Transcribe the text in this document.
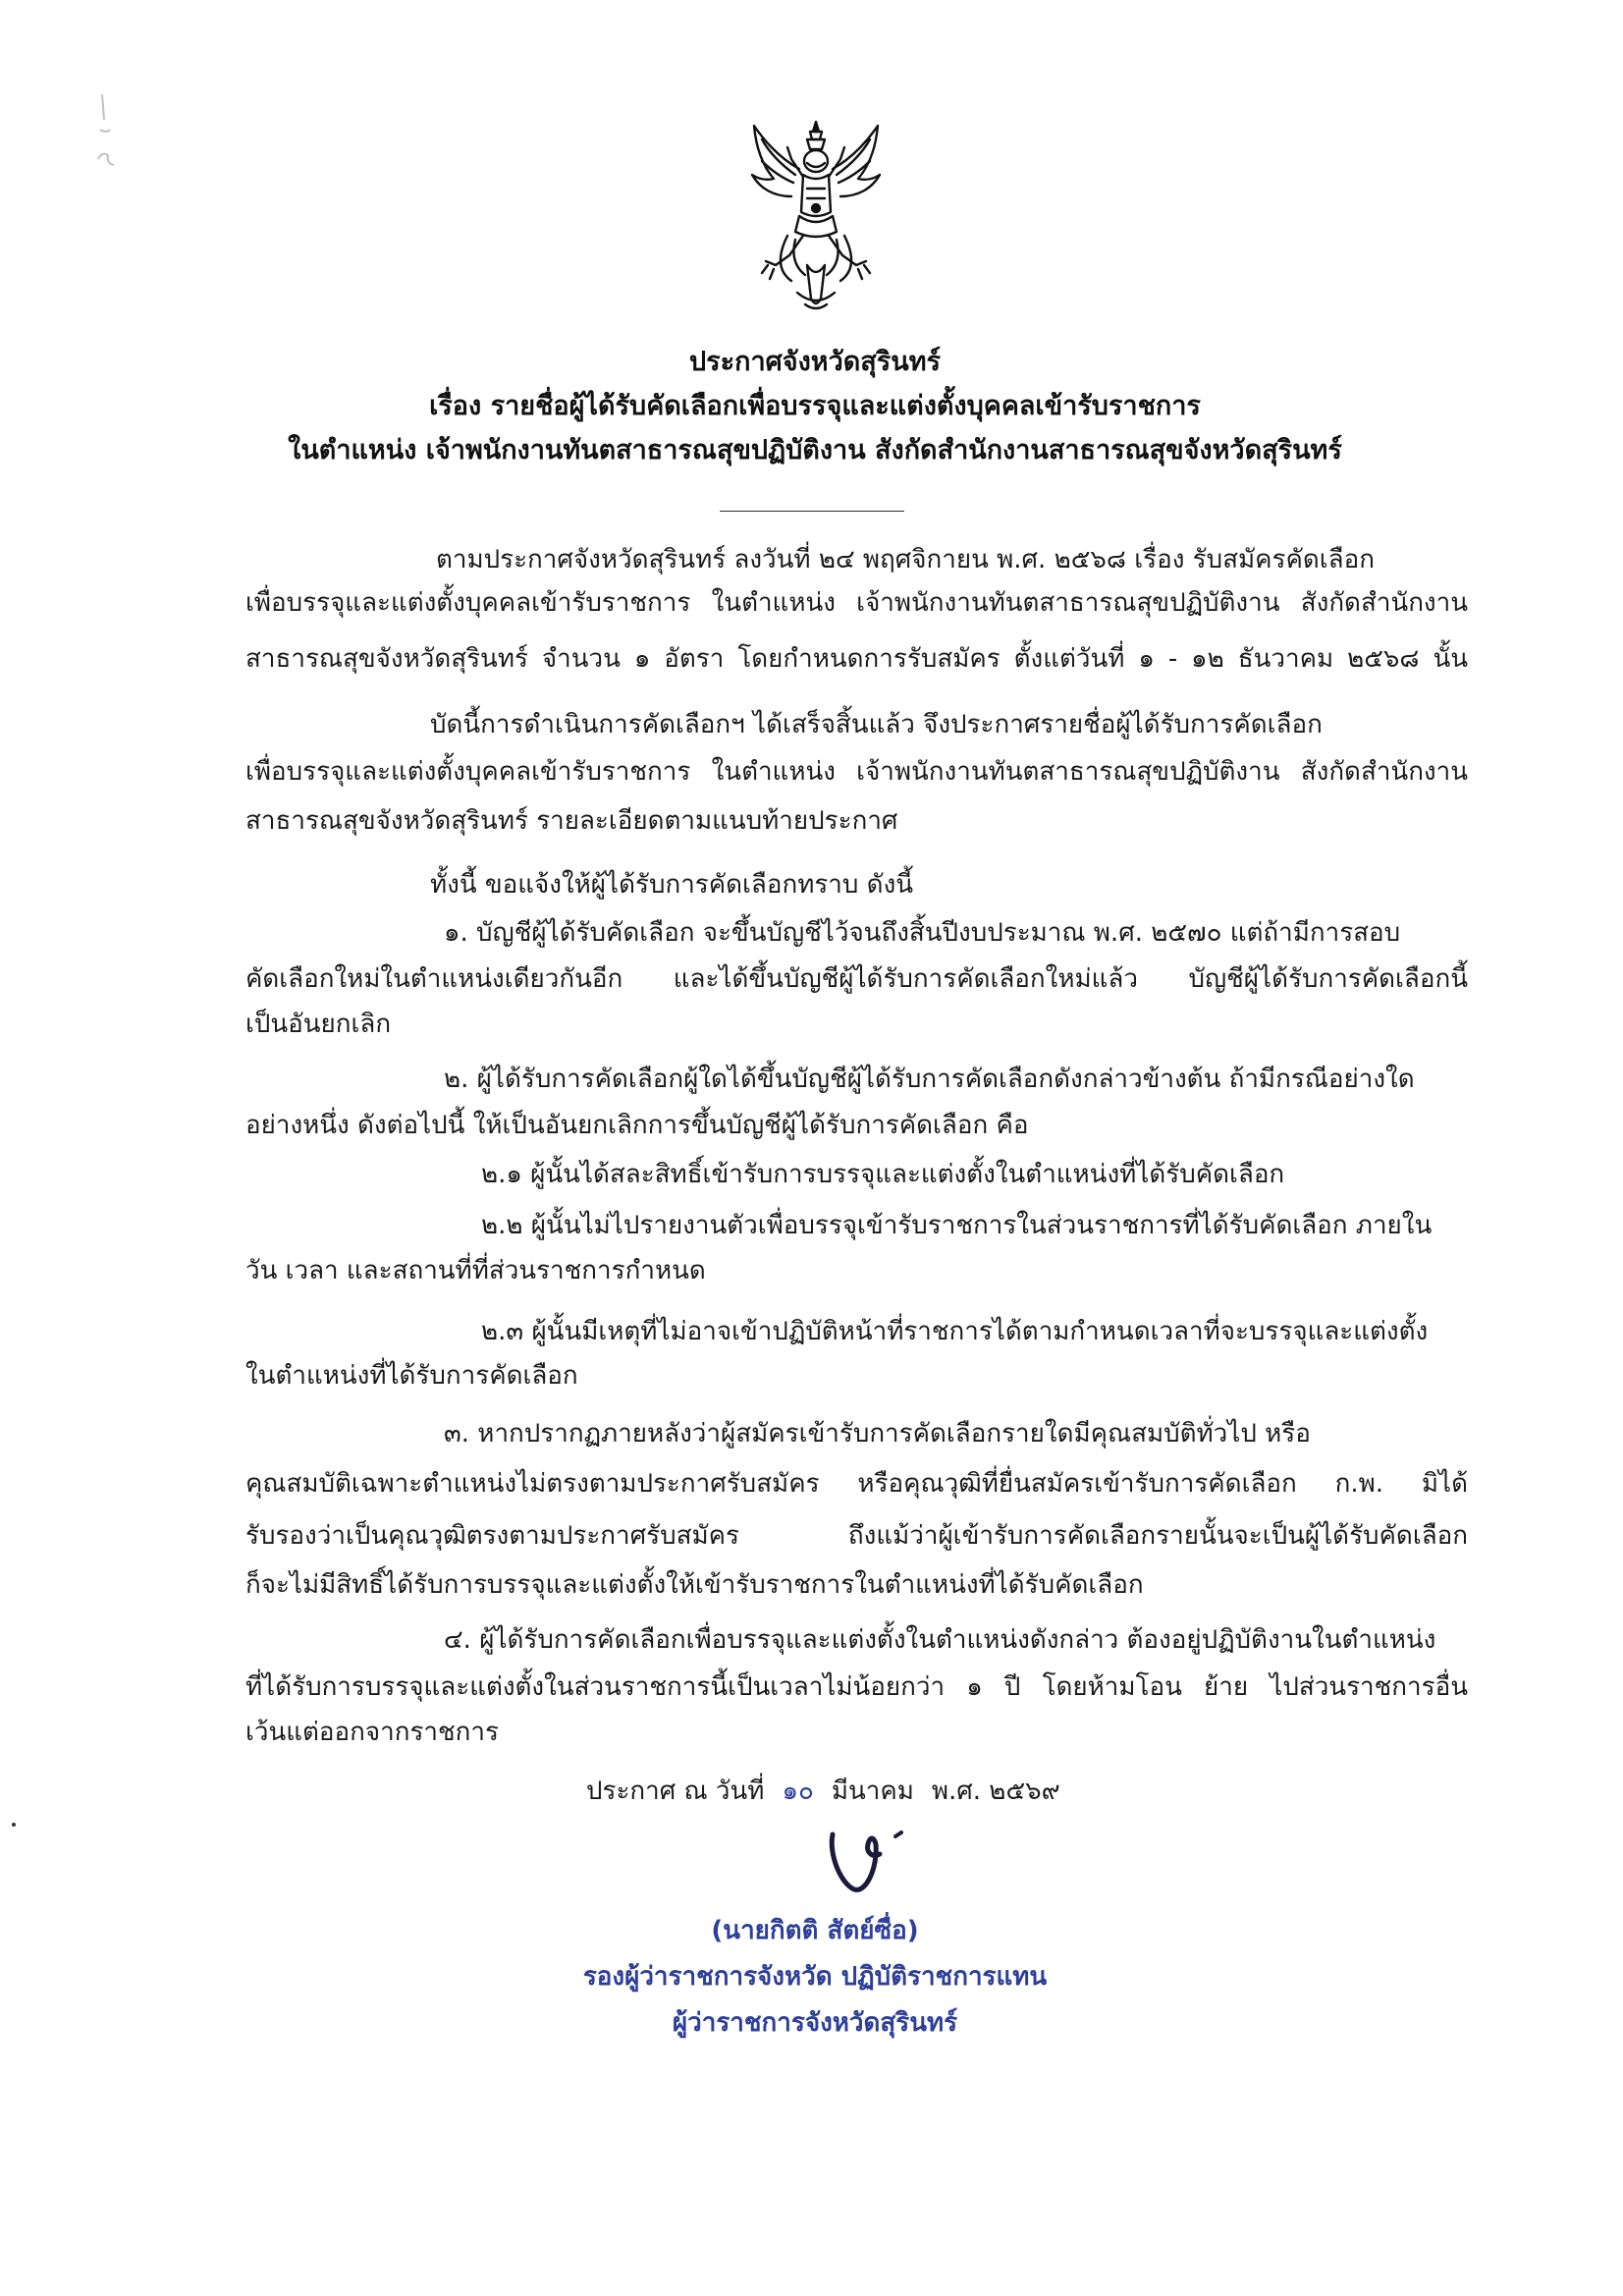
ประกาศจังหวัดสุรินทร์
เรื่อง รายชื่อผู้ได้รับคัดเลือกเพื่อบรรจุและแต่งตั้งบุคคลเข้ารับราชการ
ในตำแหน่ง เจ้าพนักงานทันตสาธารณสุขปฏิบัติงาน สังกัดสำนักงานสาธารณสุขจังหวัดสุรินทร์
ตามประกาศจังหวัดสุรินทร์ ลงวันที่ ๒๔ พฤศจิกายน พ.ศ. ๒๕๖๘ เรื่อง รับสมัครคัดเลือก
เพื่อบรรจุและแต่งตั้งบุคคลเข้ารับราชการ ในตำแหน่ง เจ้าพนักงานทันตสาธารณสุขปฏิบัติงาน สังกัดสำนักงาน
สาธารณสุขจังหวัดสุรินทร์ จำนวน ๑ อัตรา โดยกำหนดการรับสมัคร ตั้งแต่วันที่ ๑ - ๑๒ ธันวาคม ๒๕๖๘ นั้น
บัดนี้การดำเนินการคัดเลือกฯ ได้เสร็จสิ้นแล้ว จึงประกาศรายชื่อผู้ได้รับการคัดเลือก
เพื่อบรรจุและแต่งตั้งบุคคลเข้ารับราชการ ในตำแหน่ง เจ้าพนักงานทันตสาธารณสุขปฏิบัติงาน สังกัดสำนักงาน
สาธารณสุขจังหวัดสุรินทร์ รายละเอียดตามแนบท้ายประกาศ
ทั้งนี้ ขอแจ้งให้ผู้ได้รับการคัดเลือกทราบ ดังนี้
๑. บัญชีผู้ได้รับคัดเลือก จะขึ้นบัญชีไว้จนถึงสิ้นปีงบประมาณ พ.ศ. ๒๕๗๐ แต่ถ้ามีการสอบ
คัดเลือกใหม่ในตำแหน่งเดียวกันอีก และได้ขึ้นบัญชีผู้ได้รับการคัดเลือกใหม่แล้ว บัญชีผู้ได้รับการคัดเลือกนี้
เป็นอันยกเลิก
๒. ผู้ได้รับการคัดเลือกผู้ใดได้ขึ้นบัญชีผู้ได้รับการคัดเลือกดังกล่าวข้างต้น ถ้ามีกรณีอย่างใด
อย่างหนึ่ง ดังต่อไปนี้ ให้เป็นอันยกเลิกการขึ้นบัญชีผู้ได้รับการคัดเลือก คือ
๒.๑ ผู้นั้นได้สละสิทธิ์เข้ารับการบรรจุและแต่งตั้งในตำแหน่งที่ได้รับคัดเลือก
๒.๒ ผู้นั้นไม่ไปรายงานตัวเพื่อบรรจุเข้ารับราชการในส่วนราชการที่ได้รับคัดเลือก ภายใน
วัน เวลา และสถานที่ที่ส่วนราชการกำหนด
๒.๓ ผู้นั้นมีเหตุที่ไม่อาจเข้าปฏิบัติหน้าที่ราชการได้ตามกำหนดเวลาที่จะบรรจุและแต่งตั้ง
ในตำแหน่งที่ได้รับการคัดเลือก
๓. หากปรากฏภายหลังว่าผู้สมัครเข้ารับการคัดเลือกรายใดมีคุณสมบัติทั่วไป หรือ
คุณสมบัติเฉพาะตำแหน่งไม่ตรงตามประกาศรับสมัคร หรือคุณวุฒิที่ยื่นสมัครเข้ารับการคัดเลือก ก.พ. มิได้
รับรองว่าเป็นคุณวุฒิตรงตามประกาศรับสมัคร ถึงแม้ว่าผู้เข้ารับการคัดเลือกรายนั้นจะเป็นผู้ได้รับคัดเลือก
ก็จะไม่มีสิทธิ์ได้รับการบรรจุและแต่งตั้งให้เข้ารับราชการในตำแหน่งที่ได้รับคัดเลือก
๔. ผู้ได้รับการคัดเลือกเพื่อบรรจุและแต่งตั้งในตำแหน่งดังกล่าว ต้องอยู่ปฏิบัติงานในตำแหน่ง
ที่ได้รับการบรรจุและแต่งตั้งในส่วนราชการนี้เป็นเวลาไม่น้อยกว่า ๑ ปี โดยห้ามโอน ย้าย ไปส่วนราชการอื่น
เว้นแต่ออกจากราชการ
ประกาศ ณ วันที่ ๑๐ มีนาคม พ.ศ. ๒๕๖๙
(นายกิตติ สัตย์ซื่อ)
รองผู้ว่าราชการจังหวัด ปฏิบัติราชการแทน
ผู้ว่าราชการจังหวัดสุรินทร์
